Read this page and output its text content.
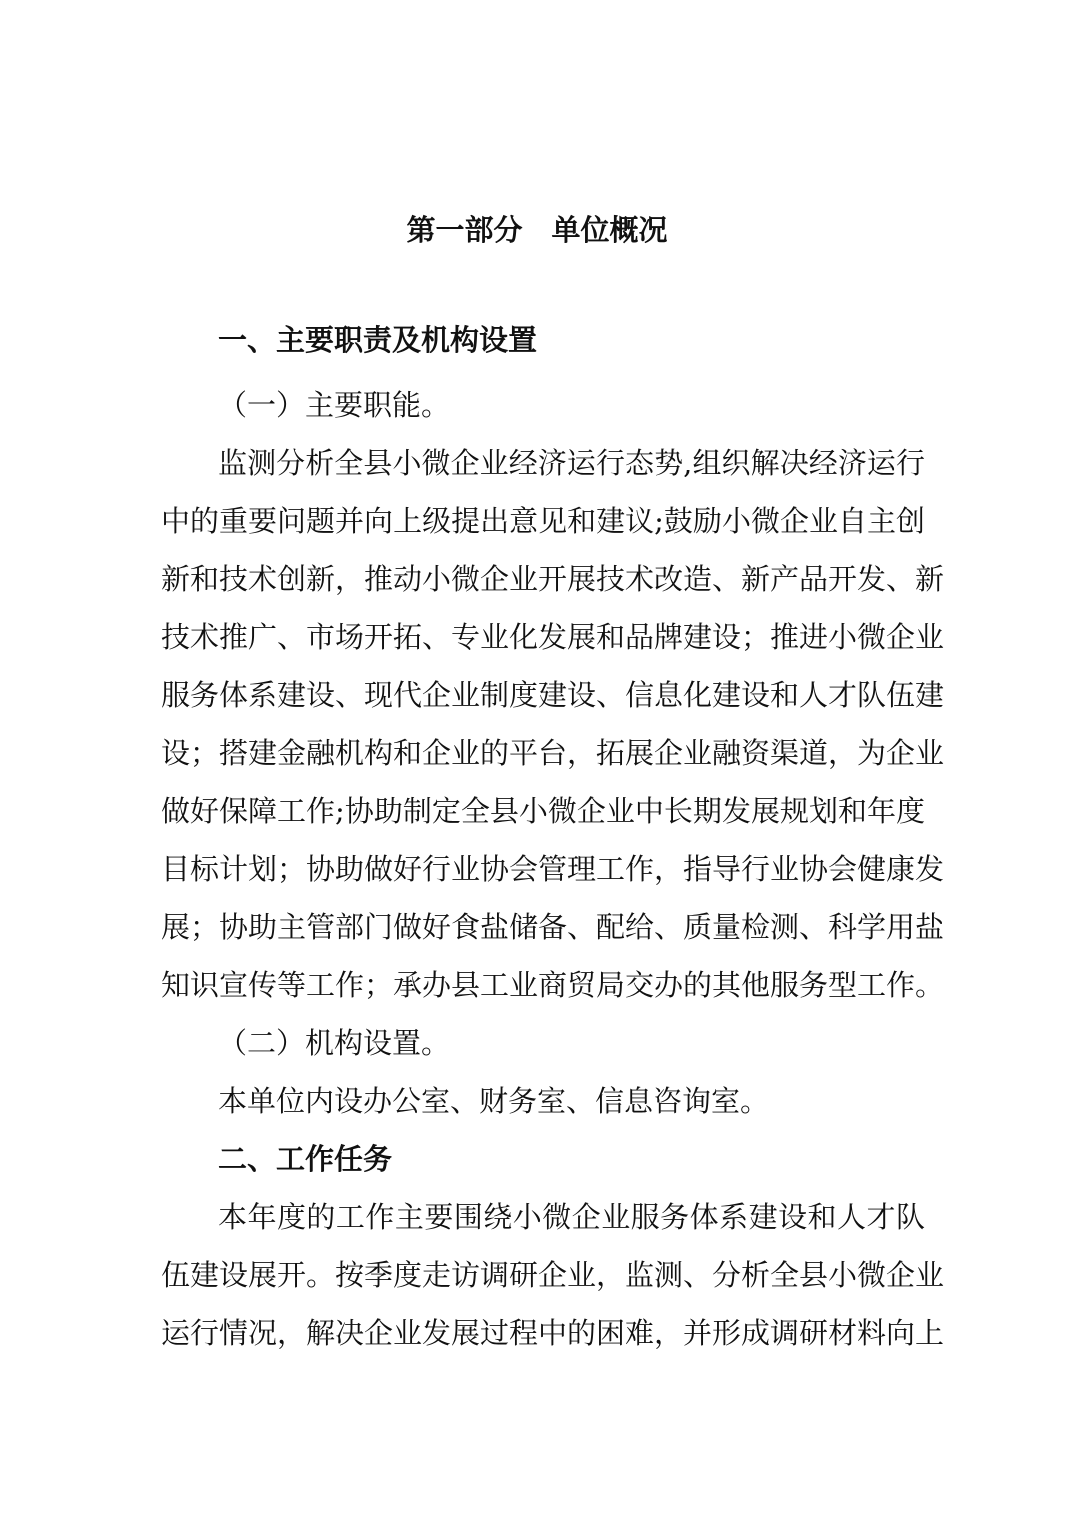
第一部分　单位概况
一、主要职责及机构设置
（一）主要职能。
监测分析全县小微企业经济运行态势,组织解决经济运行
中的重要问题并向上级提出意见和建议;鼓励小微企业自主创
新和技术创新，推动小微企业开展技术改造、新产品开发、新
技术推广、市场开拓、专业化发展和品牌建设；推进小微企业
服务体系建设、现代企业制度建设、信息化建设和人才队伍建
设；搭建金融机构和企业的平台，拓展企业融资渠道，为企业
做好保障工作;协助制定全县小微企业中长期发展规划和年度
目标计划；协助做好行业协会管理工作，指导行业协会健康发
展；协助主管部门做好食盐储备、配给、质量检测、科学用盐
知识宣传等工作；承办县工业商贸局交办的其他服务型工作。
（二）机构设置。
本单位内设办公室、财务室、信息咨询室。
二、工作任务
本年度的工作主要围绕小微企业服务体系建设和人才队
伍建设展开。按季度走访调研企业，监测、分析全县小微企业
运行情况，解决企业发展过程中的困难，并形成调研材料向上
